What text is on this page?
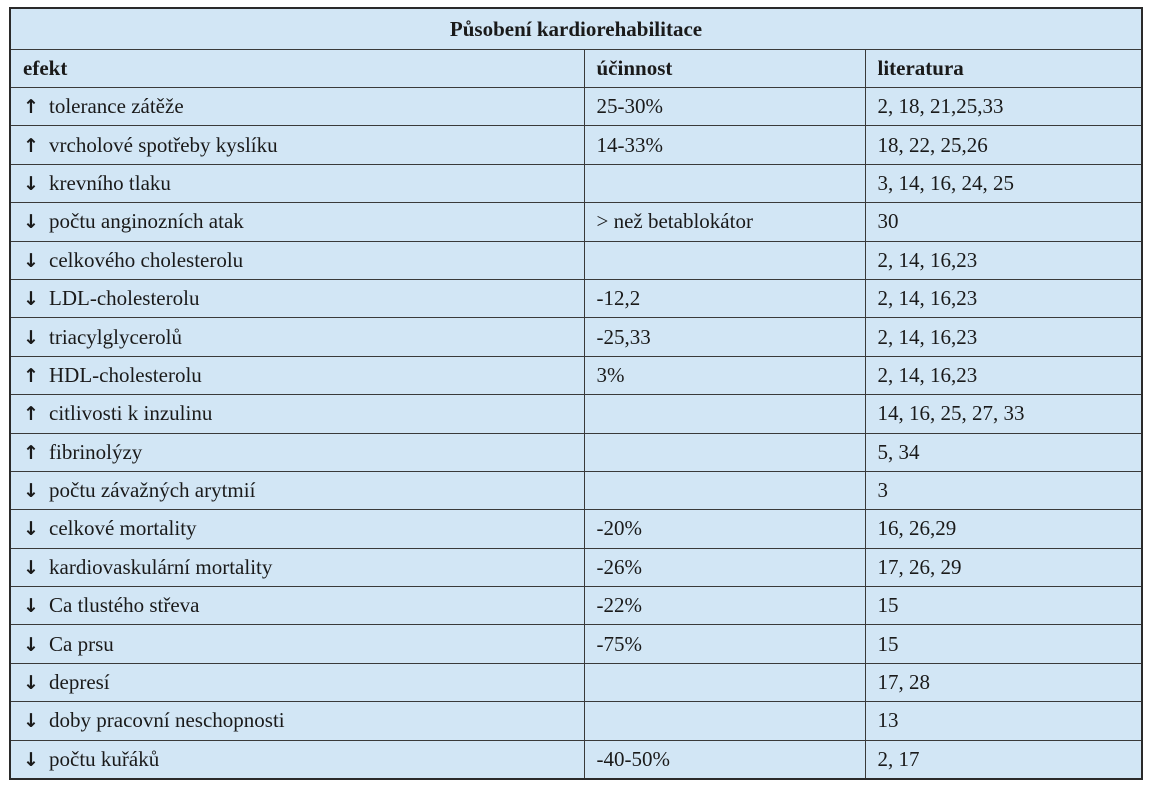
Působení kardiorehabilitace		
efekt	účinnost	literatura
↑ tolerance zátěže	25-30%	2, 18, 21,25,33
↑ vrcholové spotřeby kyslíku	14-33%	18, 22, 25,26
↓ krevního tlaku		3, 14, 16, 24, 25
↓ počtu anginozních atak	> než betablokátor	30
↓ celkového cholesterolu		2, 14, 16,23
↓ LDL-cholesterolu	-12,2	2, 14, 16,23
↓ triacylglycerolů	-25,33	2, 14, 16,23
↑ HDL-cholesterolu	3%	2, 14, 16,23
↑ citlivosti k inzulinu		14, 16, 25, 27, 33
↑ fibrinolýzy		5, 34
↓ počtu závažných arytmií		3
↓ celkové mortality	-20%	16, 26,29
↓ kardiovaskulární mortality	-26%	17, 26, 29
↓ Ca tlustého střeva	-22%	15
↓ Ca prsu	-75%	15
↓ depresí		17, 28
↓ doby pracovní neschopnosti		13
↓ počtu kuřáků	-40-50%	2, 17
